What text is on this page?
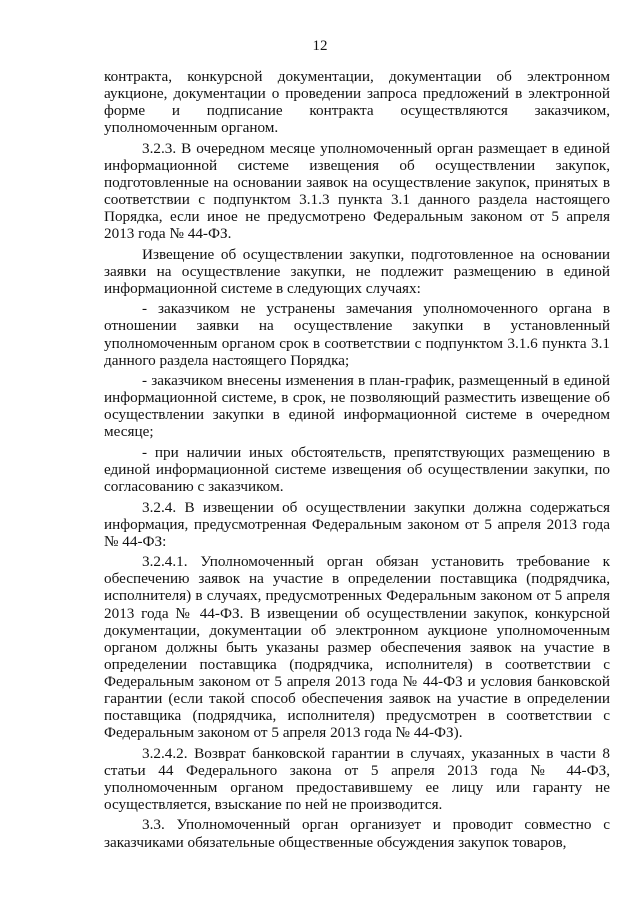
12

контракта, конкурсной документации, документации об электронном аукционе, документации о проведении запроса предложений в электронной форме и подписание контракта осуществляются заказчиком, уполномоченным органом.

3.2.3. В очередном месяце уполномоченный орган размещает в единой информационной системе извещения об осуществлении закупок, подготовленные на основании заявок на осуществление закупок, принятых в соответствии с подпунктом 3.1.3 пункта 3.1 данного раздела настоящего Порядка, если иное не предусмотрено Федеральным законом от 5 апреля 2013 года № 44-ФЗ.

Извещение об осуществлении закупки, подготовленное на основании заявки на осуществление закупки, не подлежит размещению в единой информационной системе в следующих случаях:

- заказчиком не устранены замечания уполномоченного органа в отношении заявки на осуществление закупки в установленный уполномоченным органом срок в соответствии с подпунктом 3.1.6 пункта 3.1 данного раздела настоящего Порядка;

- заказчиком внесены изменения в план-график, размещенный в единой информационной системе, в срок, не позволяющий разместить извещение об осуществлении закупки в единой информационной системе в очередном месяце;

- при наличии иных обстоятельств, препятствующих размещению в единой информационной системе извещения об осуществлении закупки, по согласованию с заказчиком.

3.2.4. В извещении об осуществлении закупки должна содержаться информация, предусмотренная Федеральным законом от 5 апреля 2013 года № 44-ФЗ:

3.2.4.1. Уполномоченный орган обязан установить требование к обеспечению заявок на участие в определении поставщика (подрядчика, исполнителя) в случаях, предусмотренных Федеральным законом от 5 апреля 2013 года № 44-ФЗ. В извещении об осуществлении закупок, конкурсной документации, документации об электронном аукционе уполномоченным органом должны быть указаны размер обеспечения заявок на участие в определении поставщика (подрядчика, исполнителя) в соответствии с Федеральным законом от 5 апреля 2013 года № 44-ФЗ и условия банковской гарантии (если такой способ обеспечения заявок на участие в определении поставщика (подрядчика, исполнителя) предусмотрен в соответствии с Федеральным законом от 5 апреля 2013 года № 44-ФЗ).

3.2.4.2. Возврат банковской гарантии в случаях, указанных в части 8 статьи 44 Федерального закона от 5 апреля 2013 года № 44-ФЗ, уполномоченным органом предоставившему ее лицу или гаранту не осуществляется, взыскание по ней не производится.

3.3. Уполномоченный орган организует и проводит совместно с заказчиками обязательные общественные обсуждения закупок товаров,
